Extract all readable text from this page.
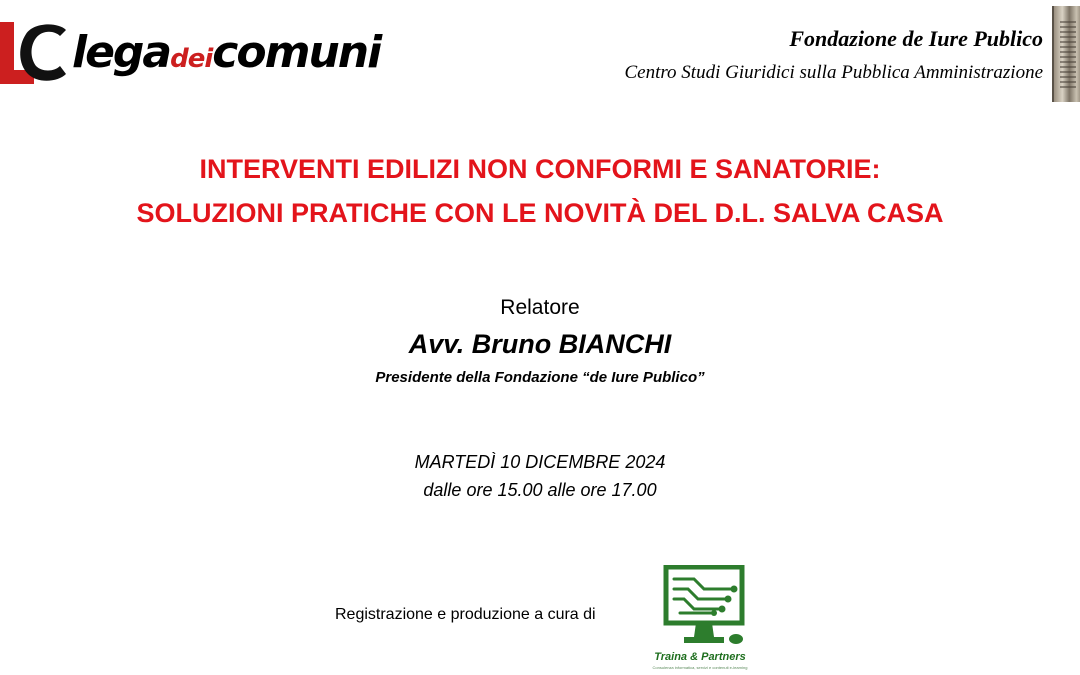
legadeicomuni	Fondazione de Iure Publico
Centro Studi Giuridici sulla Pubblica Amministrazione
INTERVENTI EDILIZI NON CONFORMI E SANATORIE:
SOLUZIONI PRATICHE CON LE NOVITÀ DEL D.L. SALVA CASA
Relatore
Avv. Bruno BIANCHI
Presidente della Fondazione “de Iure Publico”
MARTEDÌ 10 DICEMBRE 2024
dalle ore 15.00 alle ore 17.00
Registrazione e produzione a cura di
Traina & Partners
Consulenza informatica, servizi e contenuti e-learning
